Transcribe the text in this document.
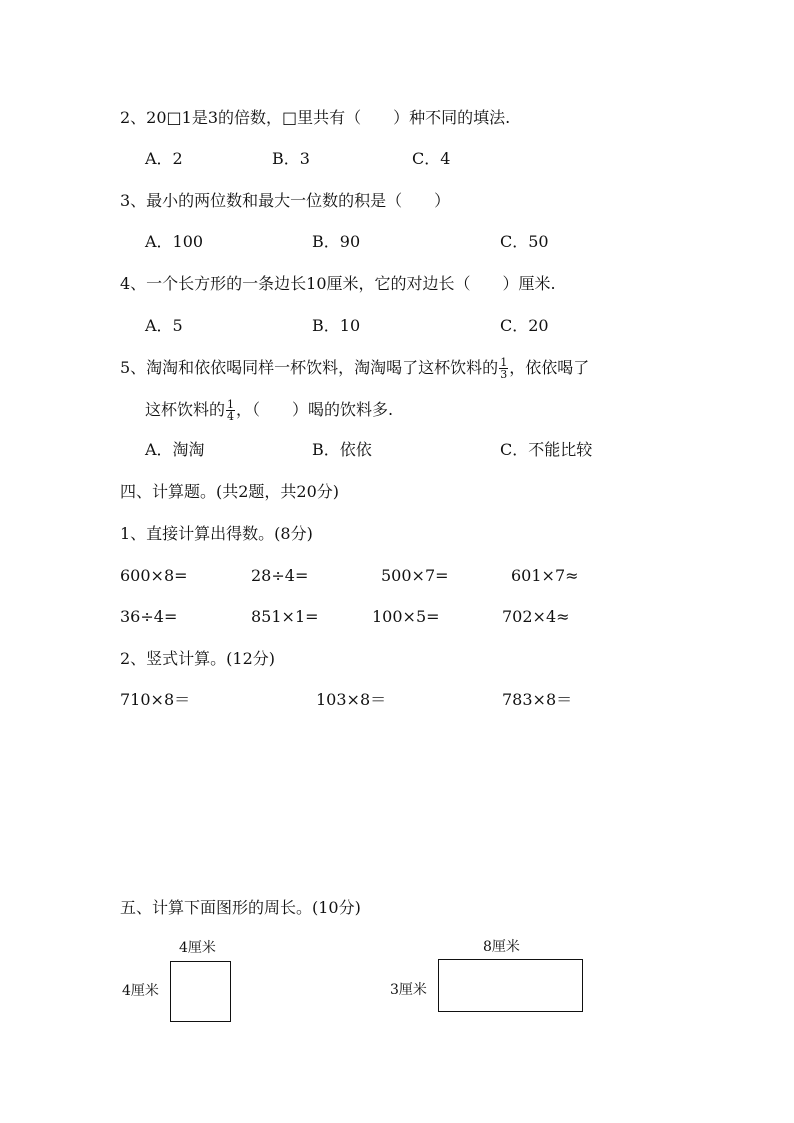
2、20□1是3的倍数，□里共有（　　）种不同的填法.
A．2	B．3	C．4
3、最小的两位数和最大一位数的积是（　　）
A．100	B．90	C．50
4、一个长方形的一条边长10厘米，它的对边长（　　）厘米.
A．5	B．10	C．20
5、淘淘和依依喝同样一杯饮料，淘淘喝了这杯饮料的 $\frac{1}{3}$ ，依依喝了
这杯饮料的 $\frac{1}{4}$ ，（　　）喝的饮料多.
A．淘淘	B．依依	C．不能比较
四、计算题。(共2题，共20分)
1、直接计算出得数。(8分)
600×8=	28÷4=	500×7=	601×7≈
36÷4=	851×1=	100×5=	702×4≈
2、竖式计算。(12分)
710×8＝	103×8＝	783×8＝
五、计算下面图形的周长。(10分)
4厘米
4厘米
8厘米
3厘米
